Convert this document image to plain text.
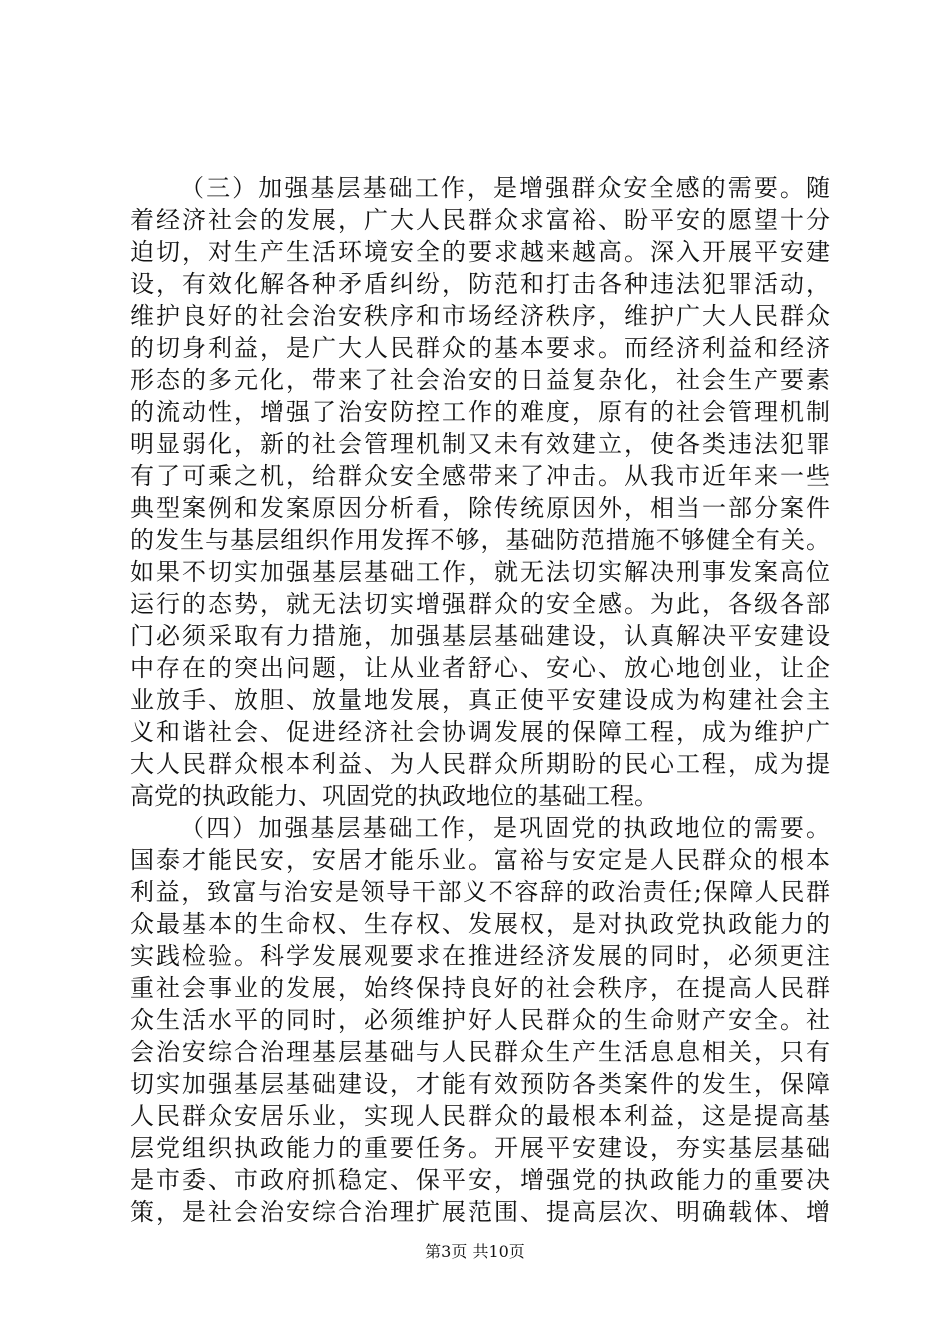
（三）加强基层基础工作，是增强群众安全感的需要。随
着经济社会的发展，广大人民群众求富裕、盼平安的愿望十分
迫切，对生产生活环境安全的要求越来越高。深入开展平安建
设，有效化解各种矛盾纠纷，防范和打击各种违法犯罪活动，
维护良好的社会治安秩序和市场经济秩序，维护广大人民群众
的切身利益，是广大人民群众的基本要求。而经济利益和经济
形态的多元化，带来了社会治安的日益复杂化，社会生产要素
的流动性，增强了治安防控工作的难度，原有的社会管理机制
明显弱化，新的社会管理机制又未有效建立，使各类违法犯罪
有了可乘之机，给群众安全感带来了冲击。从我市近年来一些
典型案例和发案原因分析看，除传统原因外，相当一部分案件
的发生与基层组织作用发挥不够，基础防范措施不够健全有关。
如果不切实加强基层基础工作，就无法切实解决刑事发案高位
运行的态势，就无法切实增强群众的安全感。为此，各级各部
门必须采取有力措施，加强基层基础建设，认真解决平安建设
中存在的突出问题，让从业者舒心、安心、放心地创业，让企
业放手、放胆、放量地发展，真正使平安建设成为构建社会主
义和谐社会、促进经济社会协调发展的保障工程，成为维护广
大人民群众根本利益、为人民群众所期盼的民心工程，成为提
高党的执政能力、巩固党的执政地位的基础工程。
（四）加强基层基础工作，是巩固党的执政地位的需要。
国泰才能民安，安居才能乐业。富裕与安定是人民群众的根本
利益，致富与治安是领导干部义不容辞的政治责任;保障人民群
众最基本的生命权、生存权、发展权，是对执政党执政能力的
实践检验。科学发展观要求在推进经济发展的同时，必须更注
重社会事业的发展，始终保持良好的社会秩序，在提高人民群
众生活水平的同时，必须维护好人民群众的生命财产安全。社
会治安综合治理基层基础与人民群众生产生活息息相关，只有
切实加强基层基础建设，才能有效预防各类案件的发生，保障
人民群众安居乐业，实现人民群众的最根本利益，这是提高基
层党组织执政能力的重要任务。开展平安建设，夯实基层基础
是市委、市政府抓稳定、保平安，增强党的执政能力的重要决
策，是社会治安综合治理扩展范围、提高层次、明确载体、增
第3页 共10页
